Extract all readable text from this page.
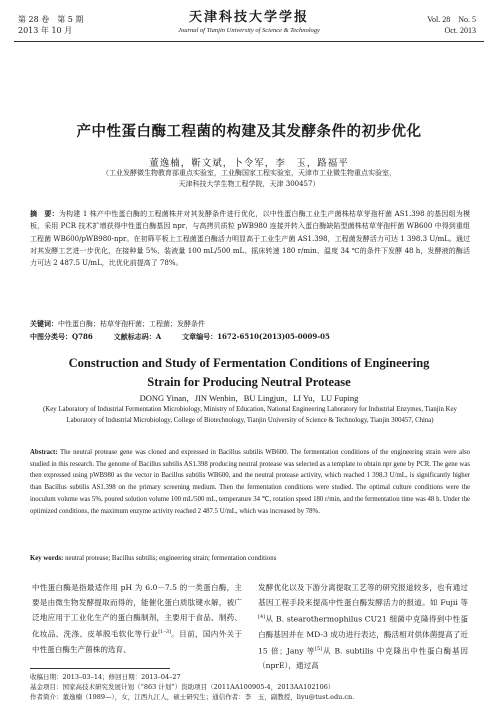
第 28 卷　第 5 期
2013 年 10 月
天津科技大学学报
Journal of Tianjin University of Science & Technology
Vol. 28　No. 5
Oct. 2013
产中性蛋白酶工程菌的构建及其发酵条件的初步优化
董逸楠，靳文斌，卜令军，李　玉，路福平
（工业发酵微生物教育部重点实验室，工业酶国家工程实验室，天津市工业微生物重点实验室，
天津科技大学生物工程学院，天津 300457）
摘　要：为构建 1 株产中性蛋白酶的工程菌株并对其发酵条件进行优化，以中性蛋白酶工业生产菌株枯草芽孢杆菌 AS1.398 的基因组为模板，采用 PCR 技术扩增获得中性蛋白酶基因 npr，与高拷贝质粒 pWB980 连接并转入蛋白酶缺陷型菌株枯草芽孢杆菌 WB600 中得到重组工程菌 WB600/pWB980-npr。在初筛平板上工程菌蛋白酶活力明显高于工业生产菌 AS1.398，工程菌发酵活力可达 1 398.3 U/mL。通过对其发酵工艺进一步优化，在接种量 5%、装液量 100 mL/500 mL、摇床转速 180 r/min、温度 34 ℃的条件下发酵 48 h，发酵液的酶活力可达 2 487.5 U/mL，比优化前提高了 78%。
关键词：中性蛋白酶；枯草芽孢杆菌；工程菌；发酵条件
中图分类号：Q786　　　文献标志码：A　　　文章编号：1672-6510(2013)05-0009-05
Construction and Study of Fermentation Conditions of Engineering
Strain for Producing Neutral Protease
DONG Yinan，JIN Wenbin，BU Lingjun，LI Yu，LU Fuping
(Key Laboratory of Industrial Fermentation Microbiology, Ministry of Education, National Engineering Laboratory for Industrial Enzymes, Tianjin Key Laboratory of Industrial Microbiology, College of Biotechnology, Tianjin University of Science & Technology, Tianjin 300457, China)
Abstract: The neutral protease gene was cloned and expressed in Bacillus subtilis WB600. The fermentation conditions of the engineering strain were also studied in this research. The genome of Bacillus subtilis AS1.398 producing neutral protease was selected as a template to obtain npr gene by PCR. The gene was then expressed using pWB980 as the vector in Bacillus subtilis WB600, and the neutral protease activity, which reached 1 398.3 U/mL, is significantly higher than Bacillus subtilis AS1.398 on the primary screening medium. Then the fermentation conditions were studied. The optimal culture conditions were the inoculum volume was 5%, poured solution volume 100 mL/500 mL, temperature 34 ℃, rotation speed 180 r/min, and the fermentation time was 48 h. Under the optimized conditions, the maximum enzyme activity reached 2 487.5 U/mL, which was increased by 78%.
Key words: neutral protease; Bacillus subtilis; engineering strain; fermentation conditions
中性蛋白酶是指最适作用 pH 为 6.0－7.5 的一类蛋白酶，主要是由微生物发酵提取而得的，能催化蛋白质肽键水解，被广泛地应用于工业化生产的蛋白酶制剂，主要用于食品、制药、化妆品、洗涤、皮革脱毛软化等行业[1–3]。目前，国内外关于中性蛋白酶生产菌株的选育、
发酵优化以及下游分离提取工艺等的研究报道较多，也有通过基因工程手段来提高中性蛋白酶发酵活力的报道。如 Fujii 等[4]从 B. stearothermophilus CU21 细菌中克隆得到中性蛋白酶基因并在 MD-3 成功进行表达，酶活相对供体菌提高了近 15 倍；Jany 等[5]从 B. subtilis 中克隆出中性蛋白酶基因（nprE），通过高
收稿日期：2013–03–14；修回日期：2013–04–27
基金项目：国家高技术研究发展计划（“863 计划”）资助项目（2011AA100905-4，2013AA102106）
作者简介：董逸楠（1989—），女，江西九江人，硕士研究生；通信作者：李　玉，副教授，liyu@tust.edu.cn.
